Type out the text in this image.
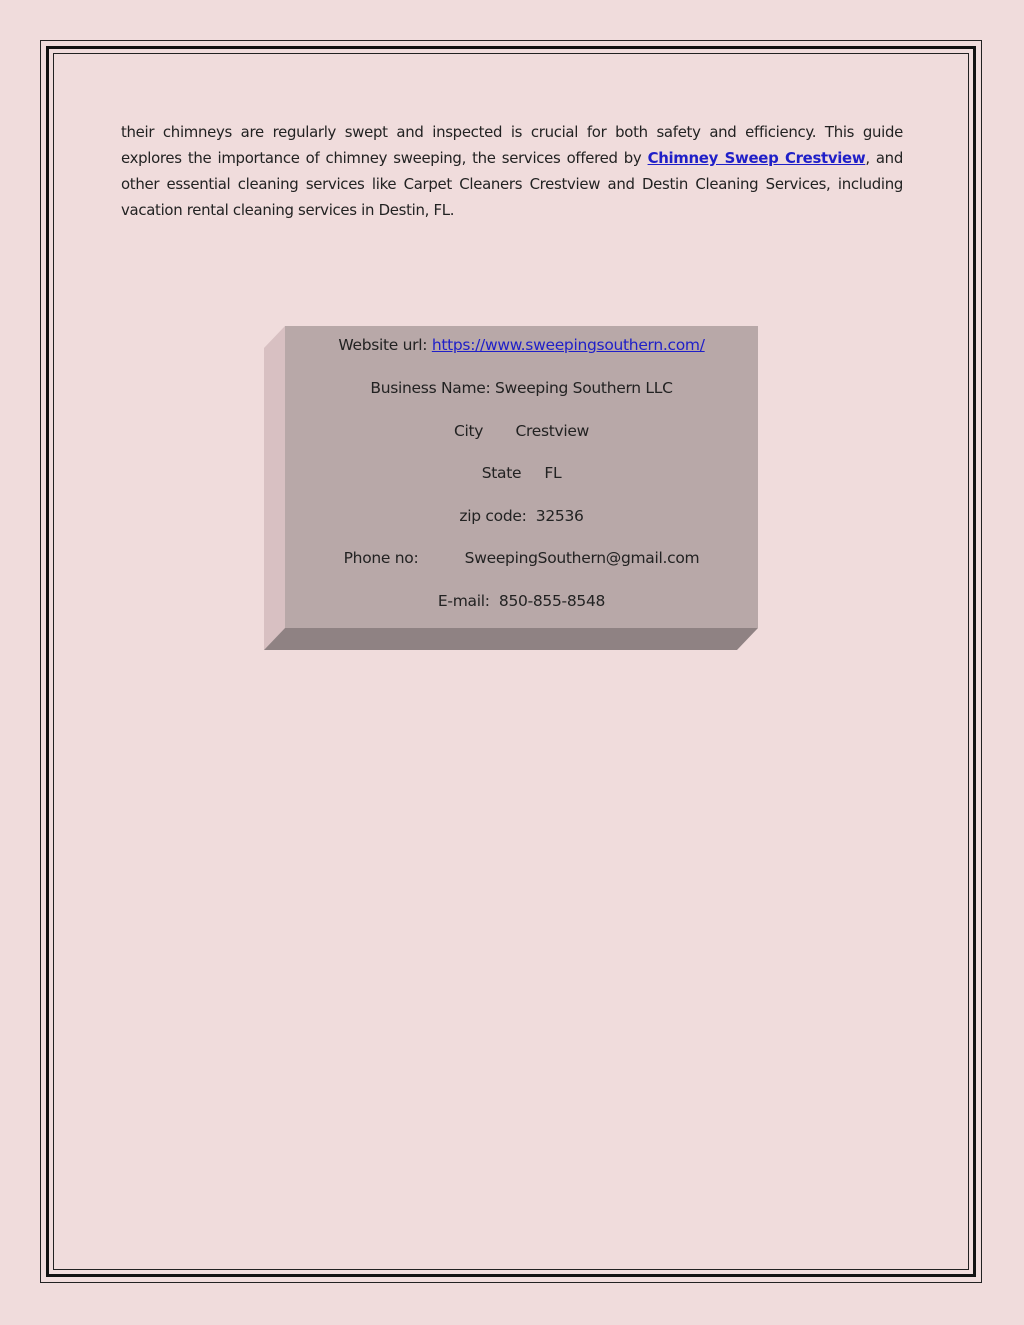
their chimneys are regularly swept and inspected is crucial for both safety and efficiency. This guide explores the importance of chimney sweeping, the services offered by Chimney Sweep Crestview, and other essential cleaning services like Carpet Cleaners Crestview and Destin Cleaning Services, including vacation rental cleaning services in Destin, FL.

Website url: https://www.sweepingsouthern.com/
Business Name: Sweeping Southern LLC
City       Crestview
State     FL
zip code:  32536
Phone no:          SweepingSouthern@gmail.com
E-mail:  850-855-8548
